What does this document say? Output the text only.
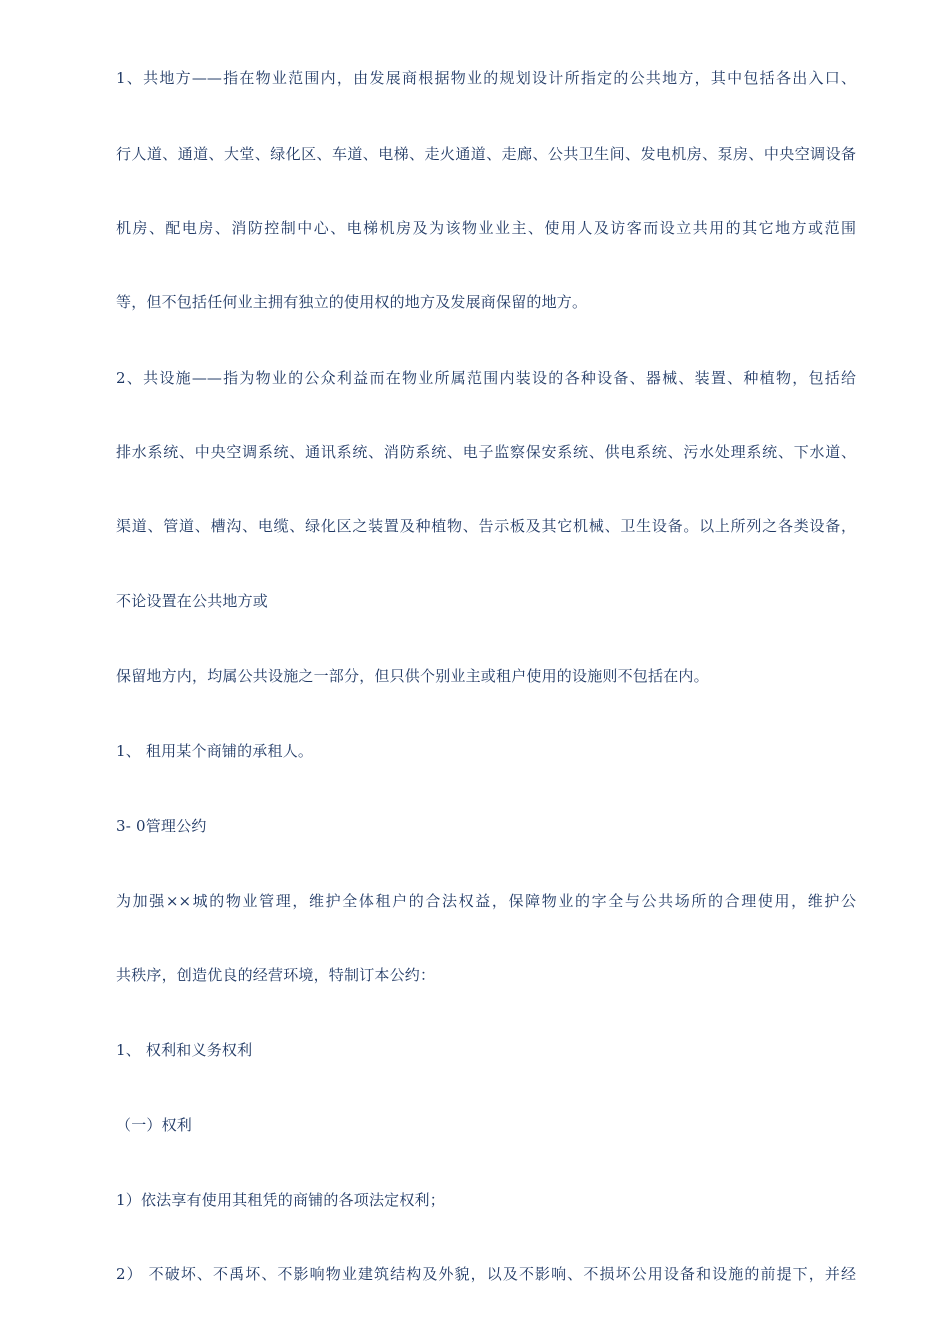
1、共地方——指在物业范围内，由发展商根据物业的规划设计所指定的公共地方，其中包括各出入口、

行人道、通道、大堂、绿化区、车道、电梯、走火通道、走廊、公共卫生间、发电机房、泵房、中央空调设备

机房、配电房、消防控制中心、电梯机房及为该物业业主、使用人及访客而设立共用的其它地方或范围

等，但不包括任何业主拥有独立的使用权的地方及发展商保留的地方。

2、共设施——指为物业的公众利益而在物业所属范围内装设的各种设备、器械、装置、种植物，包括给

排水系统、中央空调系统、通讯系统、消防系统、电子监察保安系统、供电系统、污水处理系统、下水道、

渠道、管道、槽沟、电缆、绿化区之装置及种植物、告示板及其它机械、卫生设备。以上所列之各类设备，

不论设置在公共地方或

保留地方内，均属公共设施之一部分，但只供个别业主或租户使用的设施则不包括在内。

1、 租用某个商铺的承租人。

3- 0管理公约

为加强××城的物业管理，维护全体租户的合法权益，保障物业的字全与公共场所的合理使用，维护公

共秩序，创造优良的经营环境，特制订本公约：

1、 权利和义务权利

（一）权利

1）依法享有使用其租凭的商铺的各项法定权利；

2） 不破坏、不禹坏、不影响物业建筑结构及外貌，以及不影响、不损坏公用设备和设施的前提下，并经
